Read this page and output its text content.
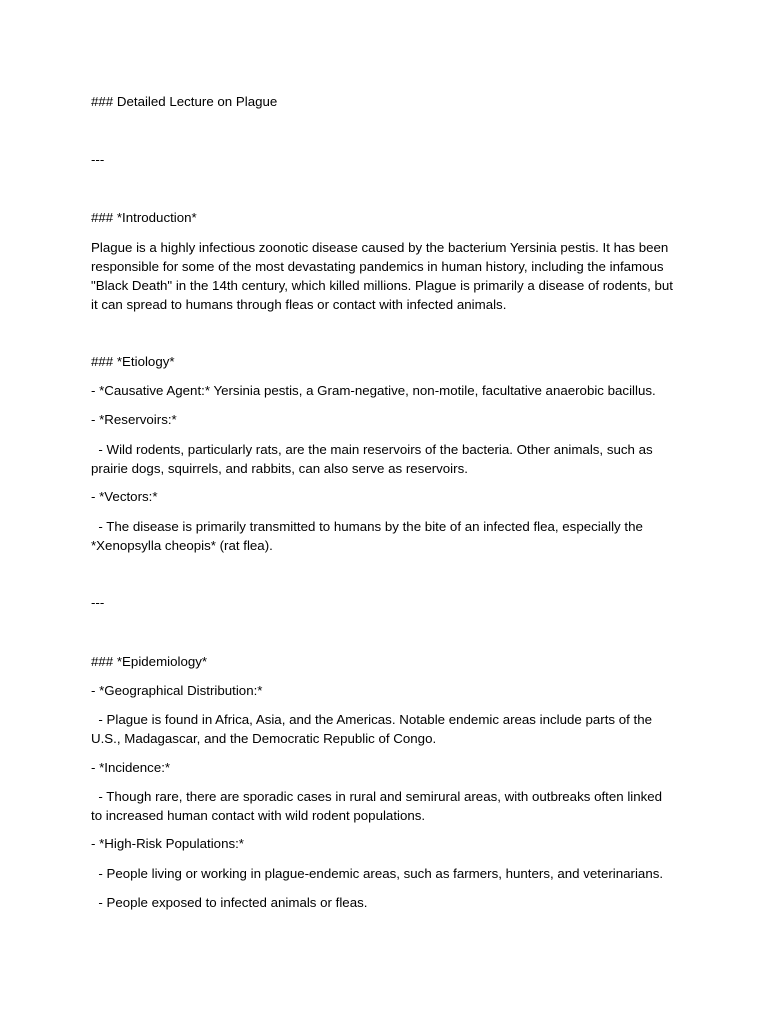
### Detailed Lecture on Plague

---

### *Introduction*

Plague is a highly infectious zoonotic disease caused by the bacterium Yersinia pestis. It has been responsible for some of the most devastating pandemics in human history, including the infamous "Black Death" in the 14th century, which killed millions. Plague is primarily a disease of rodents, but it can spread to humans through fleas or contact with infected animals.

### *Etiology*

- *Causative Agent:* Yersinia pestis, a Gram-negative, non-motile, facultative anaerobic bacillus.

- *Reservoirs:*

- Wild rodents, particularly rats, are the main reservoirs of the bacteria. Other animals, such as prairie dogs, squirrels, and rabbits, can also serve as reservoirs.

- *Vectors:*

- The disease is primarily transmitted to humans by the bite of an infected flea, especially the *Xenopsylla cheopis* (rat flea).

---

### *Epidemiology*

- *Geographical Distribution:*

- Plague is found in Africa, Asia, and the Americas. Notable endemic areas include parts of the U.S., Madagascar, and the Democratic Republic of Congo.

- *Incidence:*

- Though rare, there are sporadic cases in rural and semirural areas, with outbreaks often linked to increased human contact with wild rodent populations.

- *High-Risk Populations:*

- People living or working in plague-endemic areas, such as farmers, hunters, and veterinarians.

- People exposed to infected animals or fleas.
